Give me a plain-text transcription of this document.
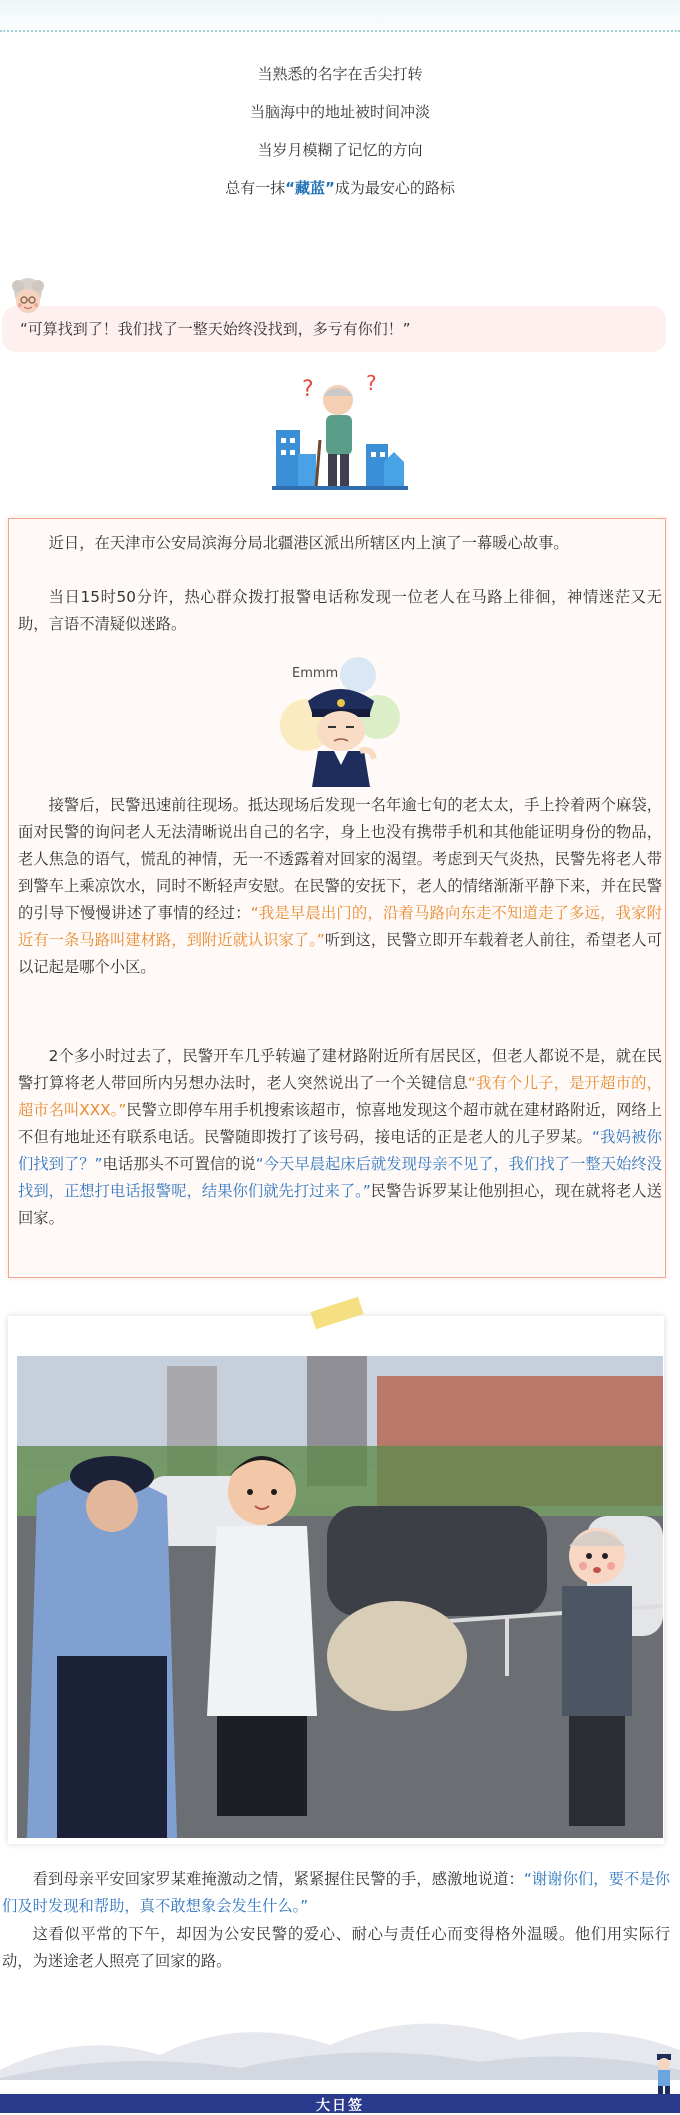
当熟悉的名字在舌尖打转
当脑海中的地址被时间冲淡
当岁月模糊了记忆的方向
总有一抹“藏蓝”成为最安心的路标
“可算找到了！我们找了一整天始终没找到，多亏有你们！”
?	?
近日，在天津市公安局滨海分局北疆港区派出所辖区内上演了一幕暖心故事。
当日15时50分许，热心群众拨打报警电话称发现一位老人在马路上徘徊，神情迷茫又无助，言语不清疑似迷路。
Emmm
接警后，民警迅速前往现场。抵达现场后发现一名年逾七旬的老太太，手上拎着两个麻袋，面对民警的询问老人无法清晰说出自己的名字，身上也没有携带手机和其他能证明身份的物品，老人焦急的语气，慌乱的神情，无一不透露着对回家的渴望。考虑到天气炎热，民警先将老人带到警车上乘凉饮水，同时不断轻声安慰。在民警的安抚下，老人的情绪渐渐平静下来，并在民警的引导下慢慢讲述了事情的经过：“我是早晨出门的，沿着马路向东走不知道走了多远，我家附近有一条马路叫建材路，到附近就认识家了。”听到这，民警立即开车载着老人前往，希望老人可以记起是哪个小区。
2个多小时过去了，民警开车几乎转遍了建材路附近所有居民区，但老人都说不是，就在民警打算将老人带回所内另想办法时，老人突然说出了一个关键信息“我有个儿子，是开超市的，超市名叫XXX。”民警立即停车用手机搜索该超市，惊喜地发现这个超市就在建材路附近，网络上不但有地址还有联系电话。民警随即拨打了该号码，接电话的正是老人的儿子罗某。“我妈被你们找到了？”电话那头不可置信的说“今天早晨起床后就发现母亲不见了，我们找了一整天始终没找到，正想打电话报警呢，结果你们就先打过来了。”民警告诉罗某让他别担心，现在就将老人送回家。
看到母亲平安回家罗某难掩激动之情，紧紧握住民警的手，感激地说道：“谢谢你们，要不是你们及时发现和帮助，真不敢想象会发生什么。”
这看似平常的下午，却因为公安民警的爱心、耐心与责任心而变得格外温暖。他们用实际行动，为迷途老人照亮了回家的路。
大日签
